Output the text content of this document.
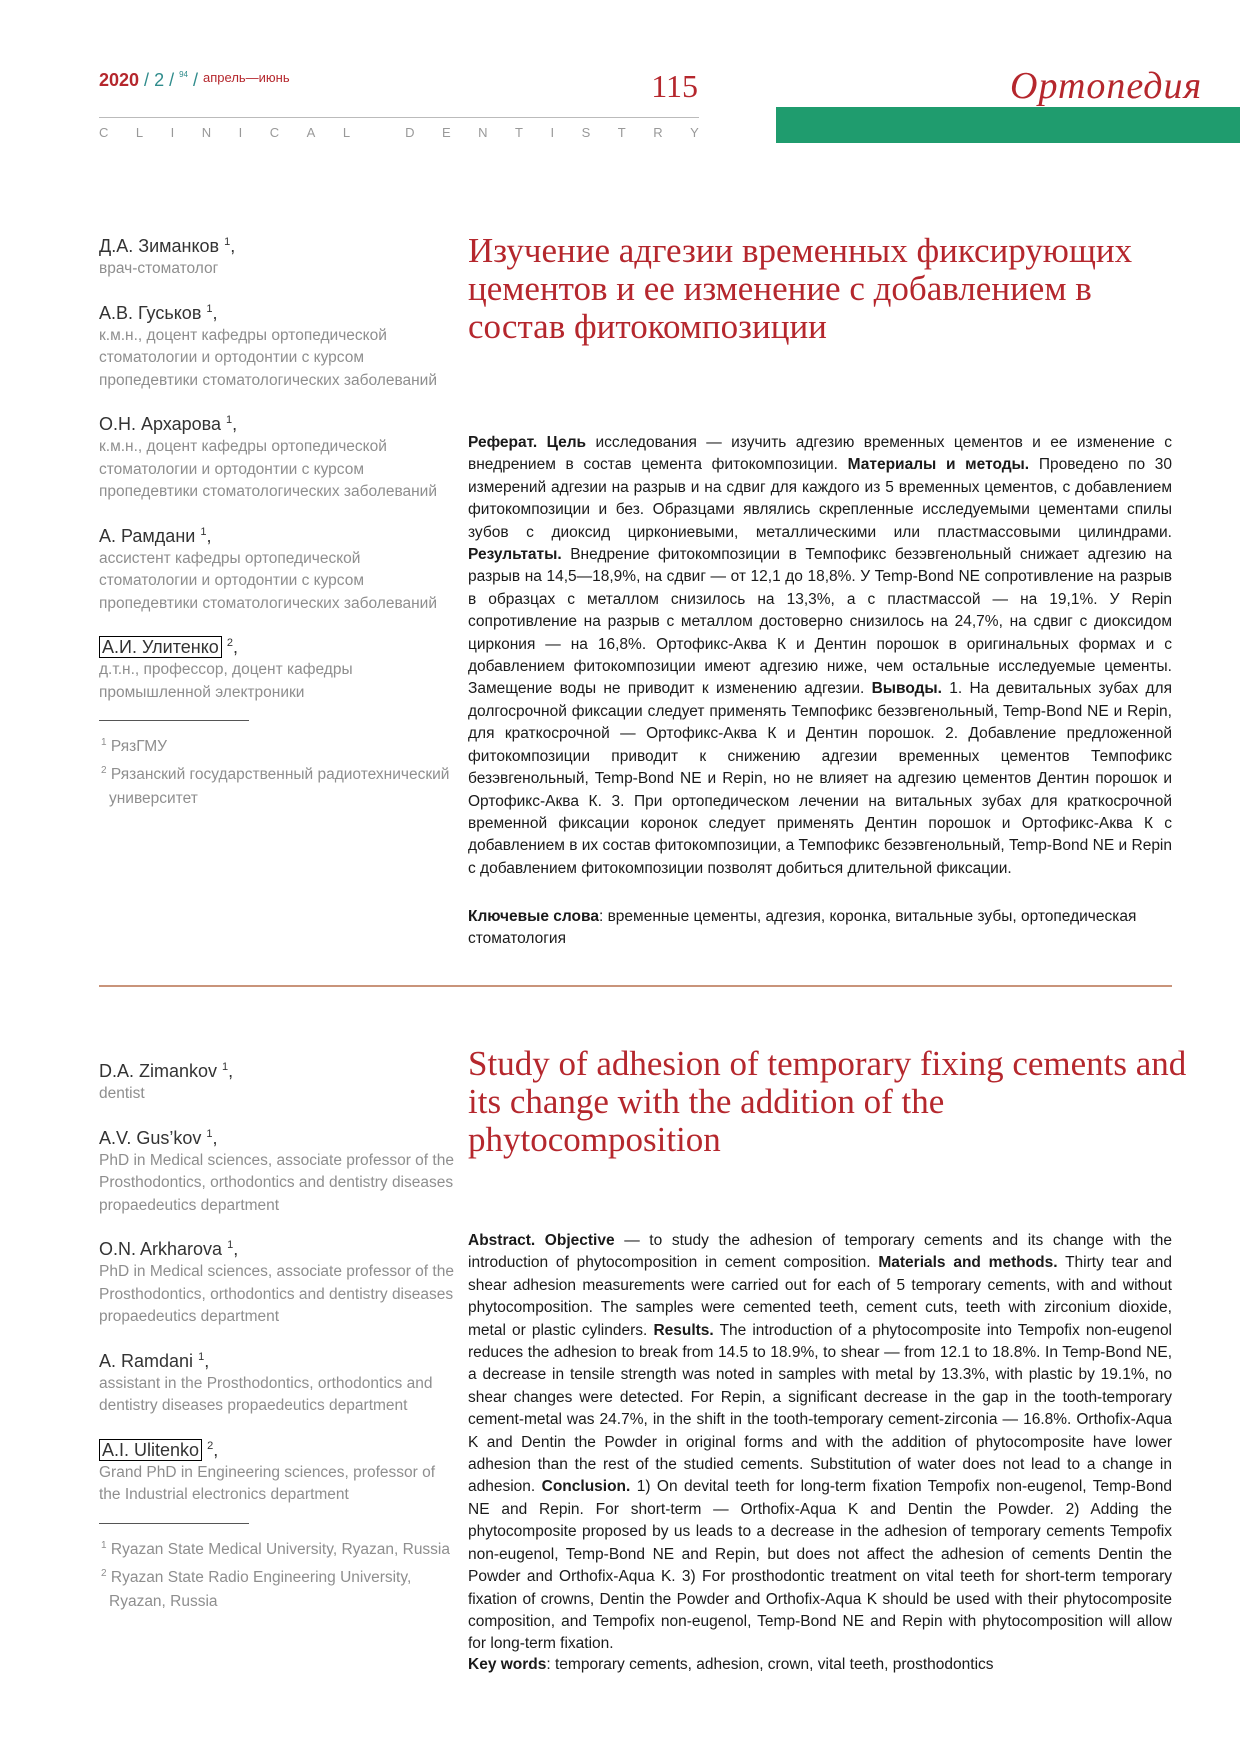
2020 / 2 / $^{94}$ / $^{апрель—июнь}$	115
C L I N I C A L	D E N T I S T R Y
Ортопедия
Д.А. Зиманков $^1$,
врач-стоматолог
А.В. Гуськов $^1$,
к.м.н., доцент кафедры ортопедической стоматологии и ортодонтии с курсом пропедевтики стоматологических заболеваний
О.Н. Архарова $^1$,
к.м.н., доцент кафедры ортопедической стоматологии и ортодонтии с курсом пропедевтики стоматологических заболеваний
А. Рамдани $^1$,
ассистент кафедры ортопедической стоматологии и ортодонтии с курсом пропедевтики стоматологических заболеваний
А.И. Улитенко $^2$,
д.т.н., профессор, доцент кафедры промышленной электроники
$^1$ РязГМУ
$^2$ Рязанский государственный радиотехнический университет
Изучение адгезии временных фиксирующих цементов и ее изменение с добавлением в состав фитокомпозиции

Реферат. Цель исследования — изучить адгезию временных цементов и ее изменение с внедрением в состав цемента фитокомпозиции. Материалы и методы. Проведено по 30 измерений адгезии на разрыв и на сдвиг для каждого из 5 временных цементов, с добавлением фитокомпозиции и без. Образцами являлись скрепленные исследуемыми цементами спилы зубов с диоксид циркониевыми, металлическими или пластмассовыми цилиндрами. Результаты. Внедрение фитокомпозиции в Темпофикс безэвгенольный снижает адгезию на разрыв на 14,5—18,9%, на сдвиг — от 12,1 до 18,8%. У Temp-Bond NE сопротивление на разрыв в образцах с металлом снизилось на 13,3%, а с пластмассой — на 19,1%. У Repin сопротивление на разрыв с металлом достоверно снизилось на 24,7%, на сдвиг с диоксидом циркония — на 16,8%. Ортофикс-Аква К и Дентин порошок в оригинальных формах и с добавлением фитокомпозиции имеют адгезию ниже, чем остальные исследуемые цементы. Замещение воды не приводит к изменению адгезии. Выводы. 1. На девитальных зубах для долгосрочной фиксации следует применять Темпофикс безэвгенольный, Temp-Bond NE и Repin, для краткосрочной — Ортофикс-Аква К и Дентин порошок. 2. Добавление предложенной фитокомпозиции приводит к снижению адгезии временных цементов Темпофикс безэвгенольный, Temp-Bond NE и Repin, но не влияет на адгезию цементов Дентин порошок и Ортофикс-Аква К. 3. При ортопедическом лечении на витальных зубах для краткосрочной временной фиксации коронок следует применять Дентин порошок и Ортофикс-Аква К с добавлением в их состав фитокомпозиции, а Темпофикс безэвгенольный, Temp-Bond NE и Repin с добавлением фитокомпозиции позволят добиться длительной фиксации.

Ключевые слова: временные цементы, адгезия, коронка, витальные зубы, ортопедическая стоматология
D.A. Zimankov $^1$,
dentist
A.V. Gus’kov $^1$,
PhD in Medical sciences, associate professor of the Prosthodontics, orthodontics and dentistry diseases propaedeutics department
O.N. Arkharova $^1$,
PhD in Medical sciences, associate professor of the Prosthodontics, orthodontics and dentistry diseases propaedeutics department
A. Ramdani $^1$,
assistant in the Prosthodontics, orthodontics and dentistry diseases propaedeutics department
A.I. Ulitenko $^2$,
Grand PhD in Engineering sciences, professor of the Industrial electronics department
$^1$ Ryazan State Medical University, Ryazan, Russia
$^2$ Ryazan State Radio Engineering University, Ryazan, Russia
Study of adhesion of temporary fixing cements and its change with the addition of the phytocomposition

Abstract. Objective — to study the adhesion of temporary cements and its change with the introduction of phytocomposition in cement composition. Materials and methods. Thirty tear and shear adhesion measurements were carried out for each of 5 temporary cements, with and without phytocomposition. The samples were cemented teeth, cement cuts, teeth with zirconium dioxide, metal or plastic cylinders. Results. The introduction of a phytocomposite into Tempofix non-eugenol reduces the adhesion to break from 14.5 to 18.9%, to shear — from 12.1 to 18.8%. In Temp-Bond NE, a decrease in tensile strength was noted in samples with metal by 13.3%, with plastic by 19.1%, no shear changes were detected. For Repin, a significant decrease in the gap in the tooth-temporary cement-metal was 24.7%, in the shift in the tooth-temporary cement-zirconia — 16.8%. Orthofix-Aqua K and Dentin the Powder in original forms and with the addition of phytocomposite have lower adhesion than the rest of the studied cements. Substitution of water does not lead to a change in adhesion. Conclusion. 1) On devital teeth for long-term fixation Tempofix non-eugenol, Temp-Bond NE and Repin. For short-term — Orthofix-Aqua K and Dentin the Powder. 2) Adding the phytocomposite proposed by us leads to a decrease in the adhesion of temporary cements Tempofix non-eugenol, Temp-Bond NE and Repin, but does not affect the adhesion of cements Dentin the Powder and Orthofix-Aqua K. 3) For prosthodontic treatment on vital teeth for short-term temporary fixation of crowns, Dentin the Powder and Orthofix-Aqua K should be used with their phytocomposite composition, and Tempofix non-eugenol, Temp-Bond NE and Repin with phytocomposition will allow for long-term fixation.

Key words: temporary cements, adhesion, crown, vital teeth, prosthodontics
